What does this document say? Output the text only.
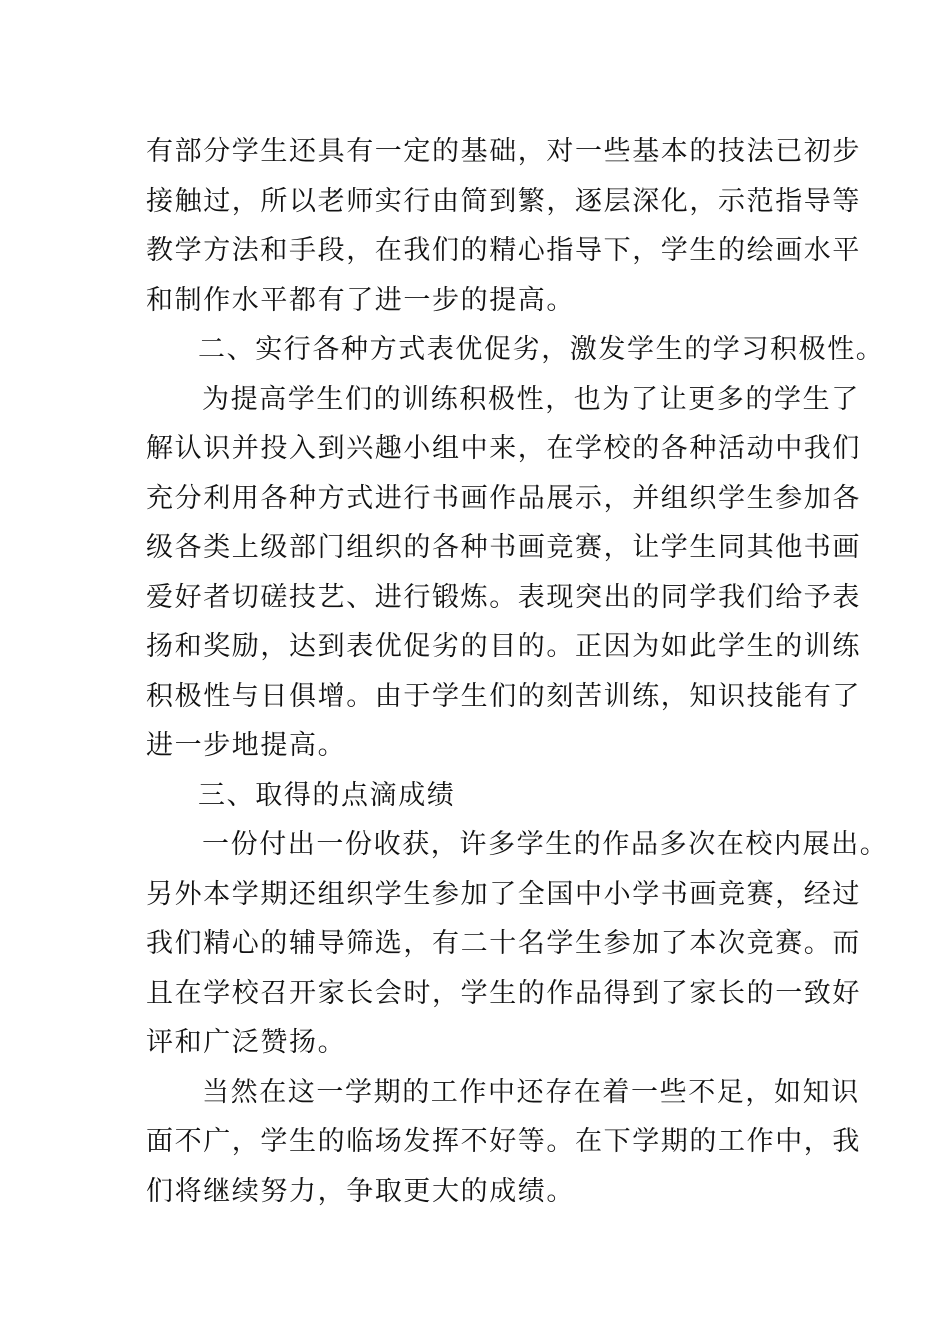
有部分学生还具有一定的基础，对一些基本的技法已初步
接触过，所以老师实行由简到繁，逐层深化，示范指导等
教学方法和手段，在我们的精心指导下，学生的绘画水平
和制作水平都有了进一步的提高。
二、实行各种方式表优促劣，激发学生的学习积极性。
为提高学生们的训练积极性，也为了让更多的学生了
解认识并投入到兴趣小组中来，在学校的各种活动中我们
充分利用各种方式进行书画作品展示，并组织学生参加各
级各类上级部门组织的各种书画竞赛，让学生同其他书画
爱好者切磋技艺、进行锻炼。表现突出的同学我们给予表
扬和奖励，达到表优促劣的目的。正因为如此学生的训练
积极性与日俱增。由于学生们的刻苦训练，知识技能有了
进一步地提高。
三、取得的点滴成绩
一份付出一份收获，许多学生的作品多次在校内展出。
另外本学期还组织学生参加了全国中小学书画竞赛，经过
我们精心的辅导筛选，有二十名学生参加了本次竞赛。而
且在学校召开家长会时，学生的作品得到了家长的一致好
评和广泛赞扬。
当然在这一学期的工作中还存在着一些不足，如知识
面不广，学生的临场发挥不好等。在下学期的工作中，我
们将继续努力，争取更大的成绩。
